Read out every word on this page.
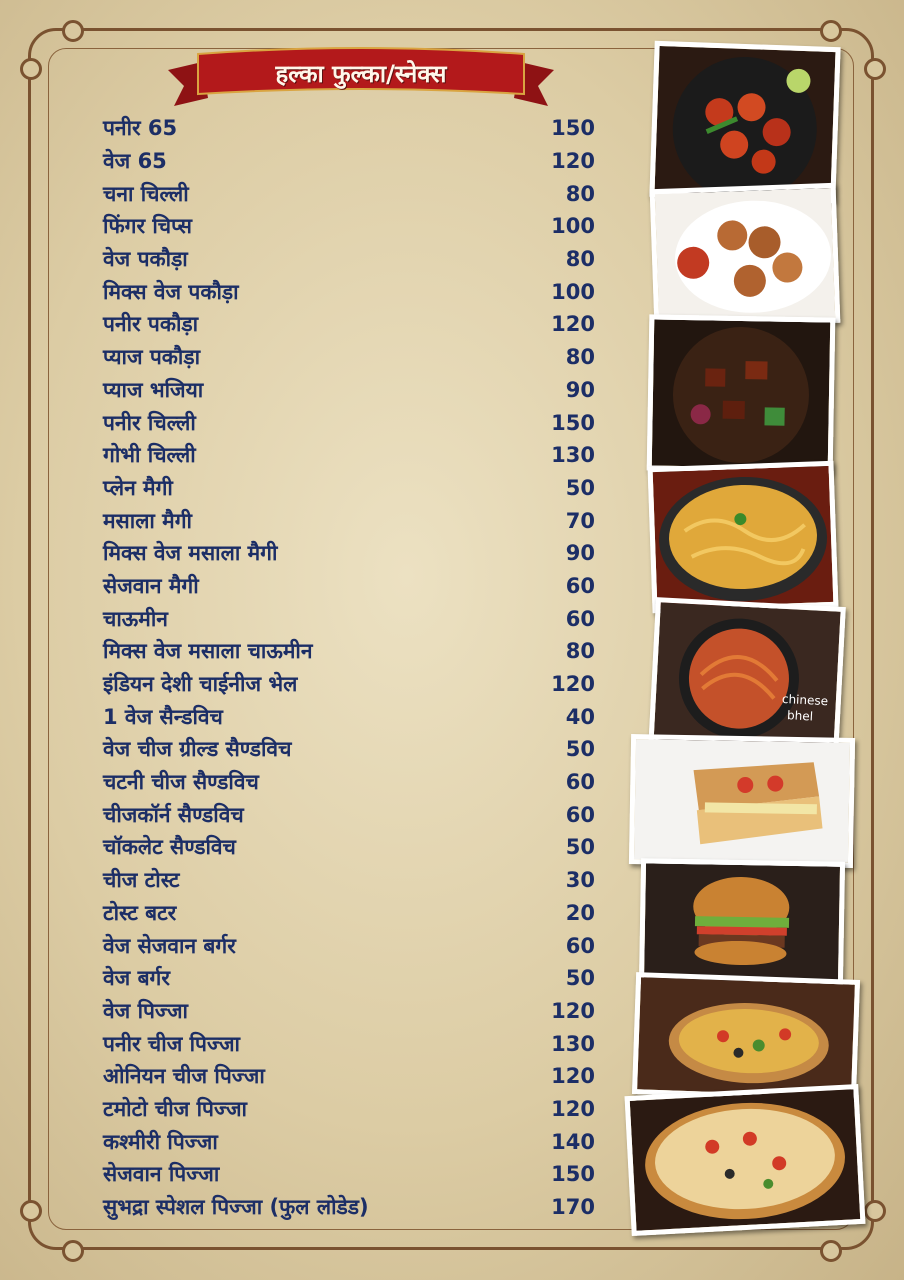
हल्का फुल्का/स्नेक्स
पनीर 65	150
वेज 65	120
चना चिल्ली	80
फिंगर चिप्स	100
वेज पकौड़ा	80
मिक्स वेज पकौड़ा	100
पनीर पकौड़ा	120
प्याज पकौड़ा	80
प्याज भजिया	90
पनीर चिल्ली	150
गोभी चिल्ली	130
प्लेन मैगी	50
मसाला मैगी	70
मिक्स वेज मसाला मैगी	90
सेजवान मैगी	60
चाऊमीन	60
मिक्स वेज मसाला चाऊमीन	80
इंडियन देशी चाईनीज भेल	120
1 वेज सैन्डविच	40
वेज चीज ग्रील्ड सैण्डविच	50
चटनी चीज सैण्डविच	60
चीजकॉर्न सैण्डविच	60
चॉकलेट सैण्डविच	50
चीज टोस्ट	30
टोस्ट बटर	20
वेज सेजवान बर्गर	60
वेज बर्गर	50
वेज पिज्जा	120
पनीर चीज पिज्जा	130
ओनियन चीज पिज्जा	120
टमोटो चीज पिज्जा	120
कश्मीरी पिज्जा	140
सेजवान पिज्जा	150
सुभद्रा स्पेशल पिज्जा (फुल लोडेड)	170
chinese
bhel
